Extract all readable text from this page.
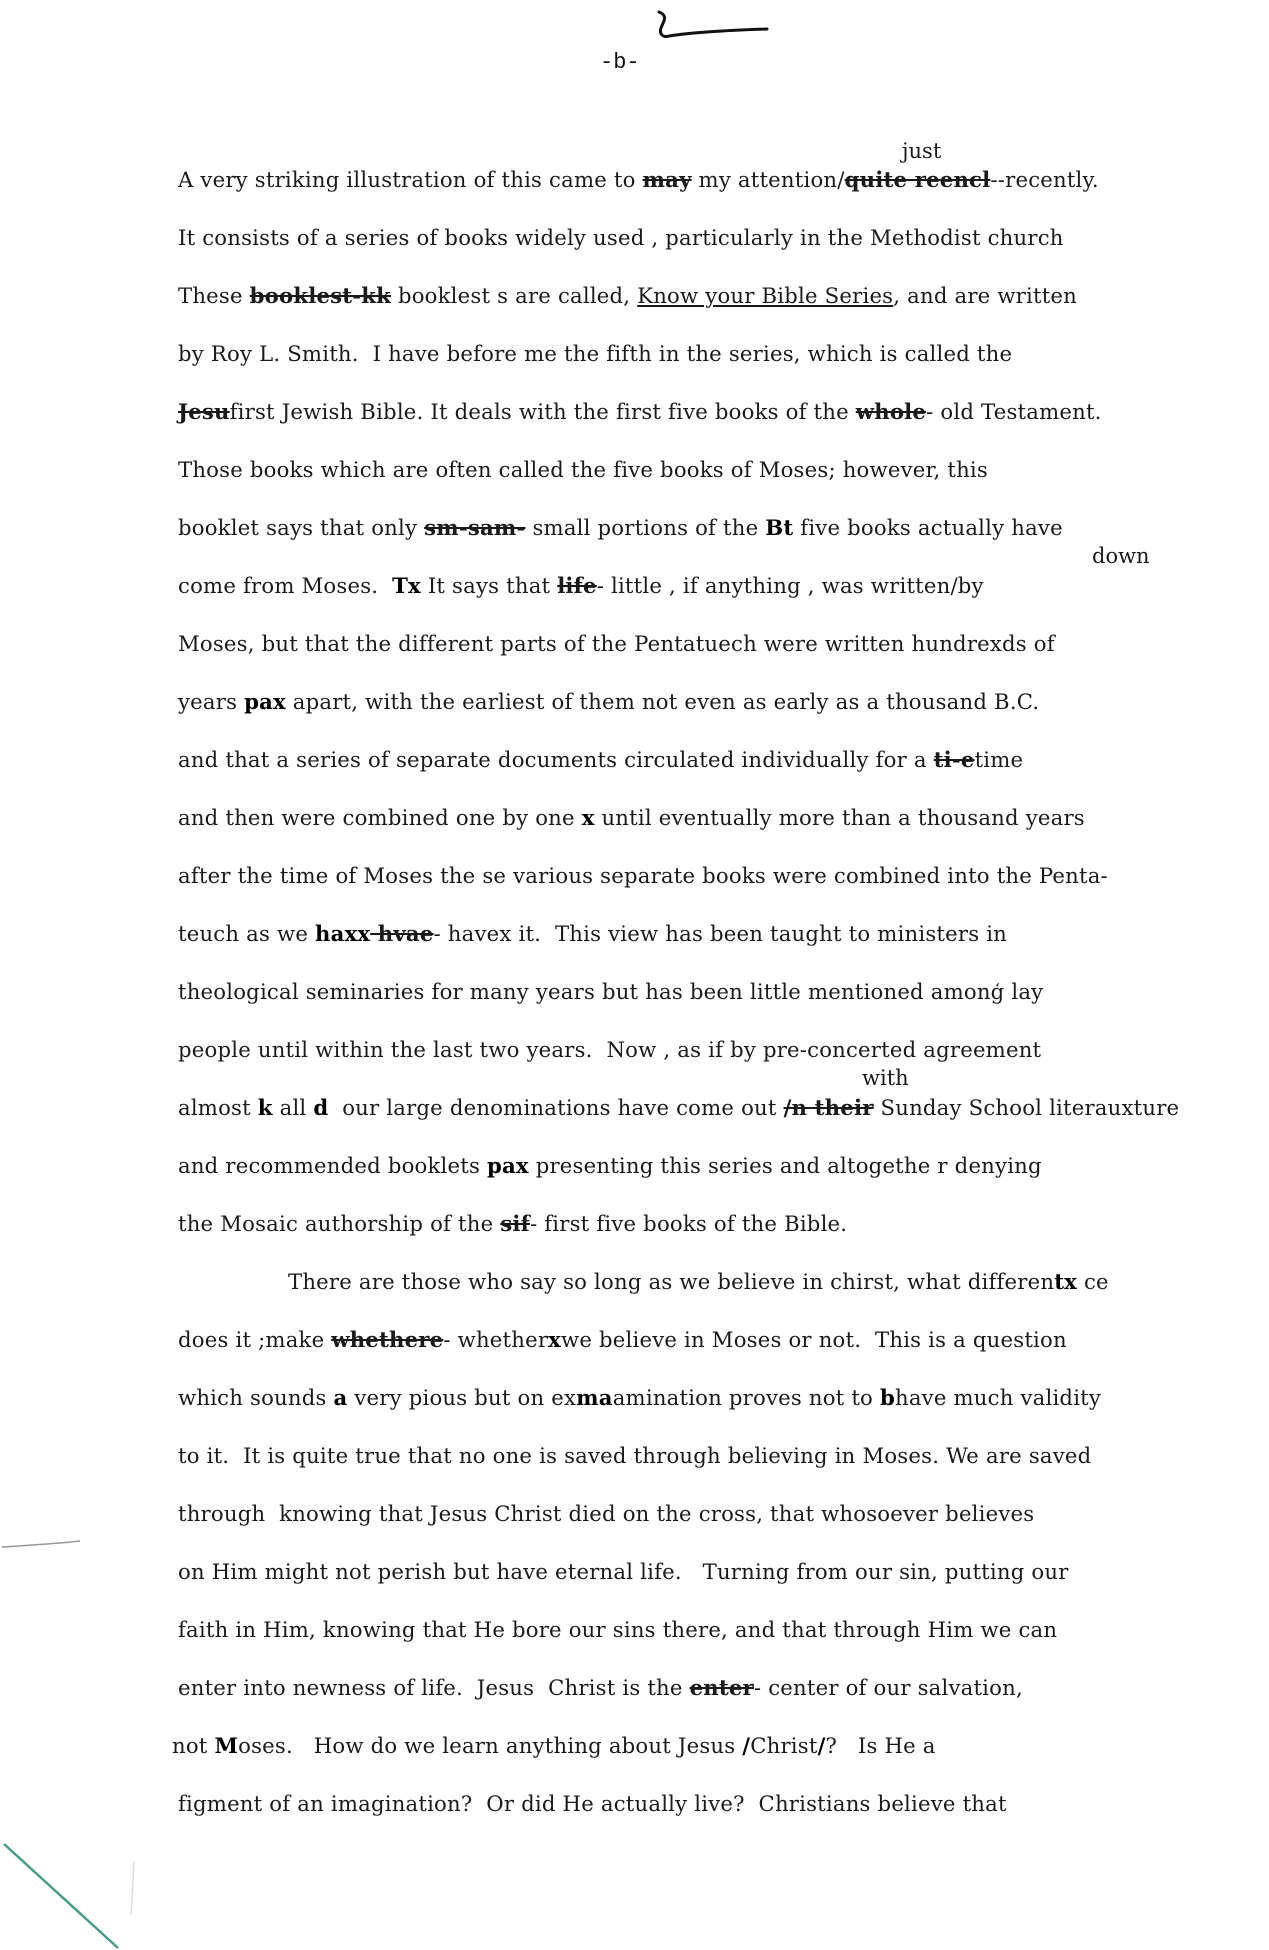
-b-
just
down
with
A very striking illustration of this came to may my attention/quite reencl--recently.
It consists of a series of books widely used , particularly in the Methodist church
These booklest-kk booklest s are called, Know your Bible Series, and are written
by Roy L. Smith.  I have before me the fifth in the series, which is called the
Jesufirst Jewish Bible. It deals with the first five books of the whole- old Testament.
Those books which are often called the five books of Moses; however, this
booklet says that only sm-sam- small portions of the Bt five books actually have
come from Moses.  Tx It says that life- little , if anything , was written/by
Moses, but that the different parts of the Pentatuech were written hundrexds of
years pax apart, with the earliest of them not even as early as a thousand B.C.
and that a series of separate documents circulated individually for a ti-etime
and then were combined one by one x until eventually more than a thousand years
after the time of Moses the se various separate books were combined into the Penta-
teuch as we haxx hvae- havex it.  This view has been taught to ministers in
theological seminaries for many years but has been little mentioned amonģ lay
people until within the last two years.  Now , as if by pre-concerted agreement
almost k all d  our large denominations have come out /n their Sunday School literauxture
and recommended booklets pax presenting this series and altogethe r denying
the Mosaic authorship of the sif- first five books of the Bible.
There are those who say so long as we believe in chirst, what differentx ce
does it ;make whethere- whetherxwe believe in Moses or not.  This is a question
which sounds a very pious but on exmaamination proves not to bhave much validity
to it.  It is quite true that no one is saved through believing in Moses. We are saved
through  knowing that Jesus Christ died on the cross, that whosoever believes
on Him might not perish but have eternal life.   Turning from our sin, putting our
faith in Him, knowing that He bore our sins there, and that through Him we can
enter into newness of life.  Jesus  Christ is the enter- center of our salvation,
not Moses.   How do we learn anything about Jesus /Christ/?   Is He a
figment of an imagination?  Or did He actually live?  Christians believe that
